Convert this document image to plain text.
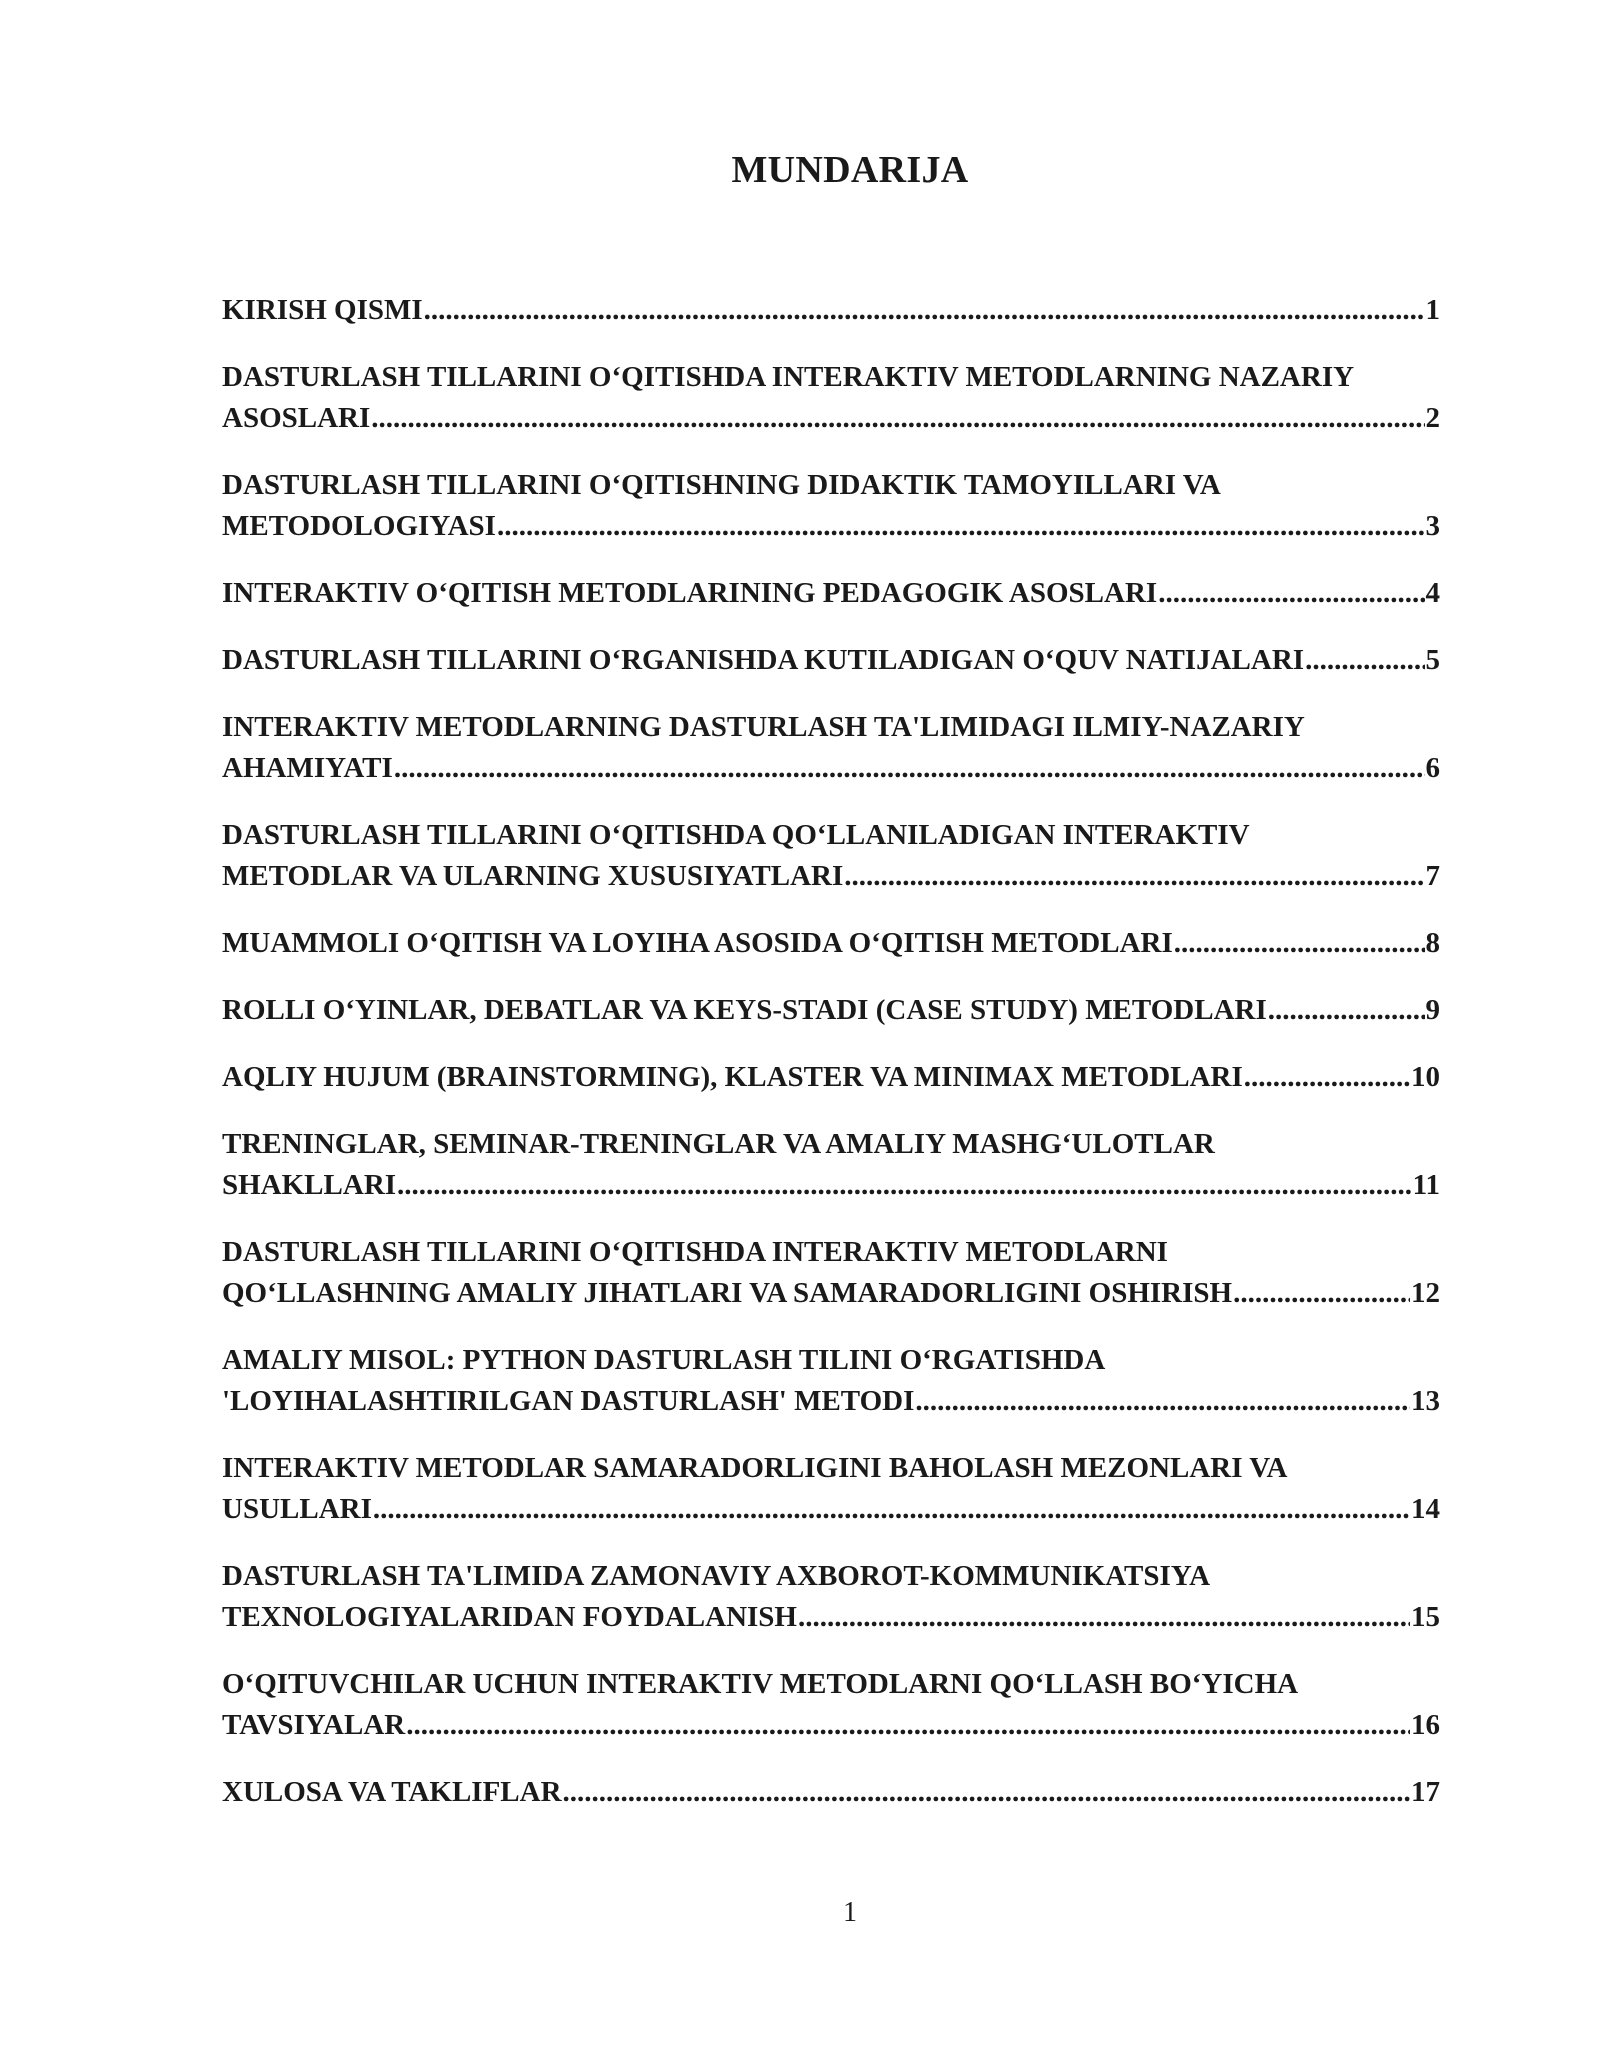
MUNDARIJA
KIRISH QISMI .....	1
DASTURLASH TILLARINI O‘QITISHDA INTERAKTIV METODLARNING NAZARIY
ASOSLARI .....	2
DASTURLASH TILLARINI O‘QITISHNING DIDAKTIK TAMOYILLARI VA
METODOLOGIYASI .....	3
INTERAKTIV O‘QITISH METODLARINING PEDAGOGIK ASOSLARI .....	4
DASTURLASH TILLARINI O‘RGANISHDA KUTILADIGAN O‘QUV NATIJALARI .....	5
INTERAKTIV METODLARNING DASTURLASH TA'LIMIDAGI ILMIY-NAZARIY
AHAMIYATI .....	6
DASTURLASH TILLARINI O‘QITISHDA QO‘LLANILADIGAN INTERAKTIV
METODLAR VA ULARNING XUSUSIYATLARI .....	7
MUAMMOLI O‘QITISH VA LOYIHA ASOSIDA O‘QITISH METODLARI .....	8
ROLLI O‘YINLAR, DEBATLAR VA KEYS-STADI (CASE STUDY) METODLARI .....	9
AQLIY HUJUM (BRAINSTORMING), KLASTER VA MINIMAX METODLARI .....	10
TRENINGLAR, SEMINAR-TRENINGLAR VA AMALIY MASHG‘ULOTLAR
SHAKLLARI .....	11
DASTURLASH TILLARINI O‘QITISHDA INTERAKTIV METODLARNI
QO‘LLASHNING AMALIY JIHATLARI VA SAMARADORLIGINI OSHIRISH .....	12
AMALIY MISOL: PYTHON DASTURLASH TILINI O‘RGATISHDA
'LOYIHALASHTIRILGAN DASTURLASH' METODI .....	13
INTERAKTIV METODLAR SAMARADORLIGINI BAHOLASH MEZONLARI VA
USULLARI .....	14
DASTURLASH TA'LIMIDA ZAMONAVIY AXBOROT-KOMMUNIKATSIYA
TEXNOLOGIYALARIDAN FOYDALANISH .....	15
O‘QITUVCHILAR UCHUN INTERAKTIV METODLARNI QO‘LLASH BO‘YICHA
TAVSIYALAR .....	16
XULOSA VA TAKLIFLAR .....	17
1
